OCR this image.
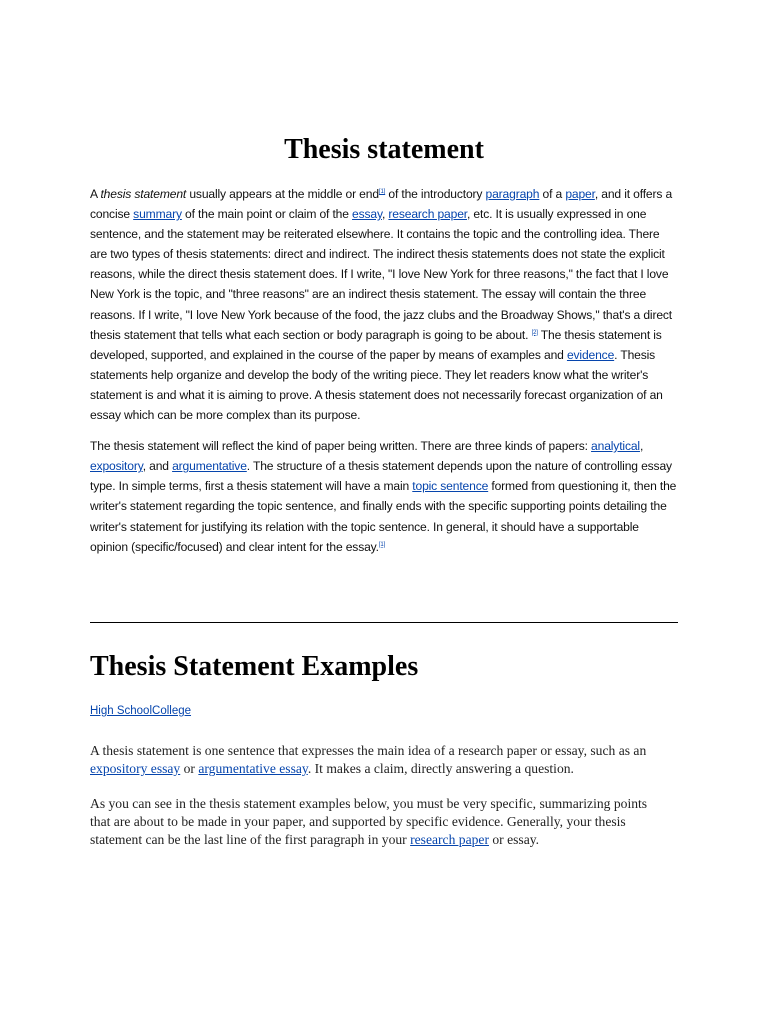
Thesis statement

A thesis statement usually appears at the middle or end[1] of the introductory paragraph of a paper, and it offers a concise summary of the main point or claim of the essay, research paper, etc. It is usually expressed in one sentence, and the statement may be reiterated elsewhere. It contains the topic and the controlling idea. There are two types of thesis statements: direct and indirect. The indirect thesis statements does not state the explicit reasons, while the direct thesis statement does. If I write, "I love New York for three reasons," the fact that I love New York is the topic, and "three reasons" are an indirect thesis statement. The essay will contain the three reasons. If I write, "I love New York because of the food, the jazz clubs and the Broadway Shows," that's a direct thesis statement that tells what each section or body paragraph is going to be about. [2] The thesis statement is developed, supported, and explained in the course of the paper by means of examples and evidence. Thesis statements help organize and develop the body of the writing piece. They let readers know what the writer's statement is and what it is aiming to prove. A thesis statement does not necessarily forecast organization of an essay which can be more complex than its purpose.

The thesis statement will reflect the kind of paper being written. There are three kinds of papers: analytical, expository, and argumentative. The structure of a thesis statement depends upon the nature of controlling essay type. In simple terms, first a thesis statement will have a main topic sentence formed from questioning it, then the writer's statement regarding the topic sentence, and finally ends with the specific supporting points detailing the writer's statement for justifying its relation with the topic sentence. In general, it should have a supportable opinion (specific/focused) and clear intent for the essay.[1]

Thesis Statement Examples
High SchoolCollege

A thesis statement is one sentence that expresses the main idea of a research paper or essay, such as an expository essay or argumentative essay. It makes a claim, directly answering a question.

As you can see in the thesis statement examples below, you must be very specific, summarizing points that are about to be made in your paper, and supported by specific evidence. Generally, your thesis statement can be the last line of the first paragraph in your research paper or essay.
